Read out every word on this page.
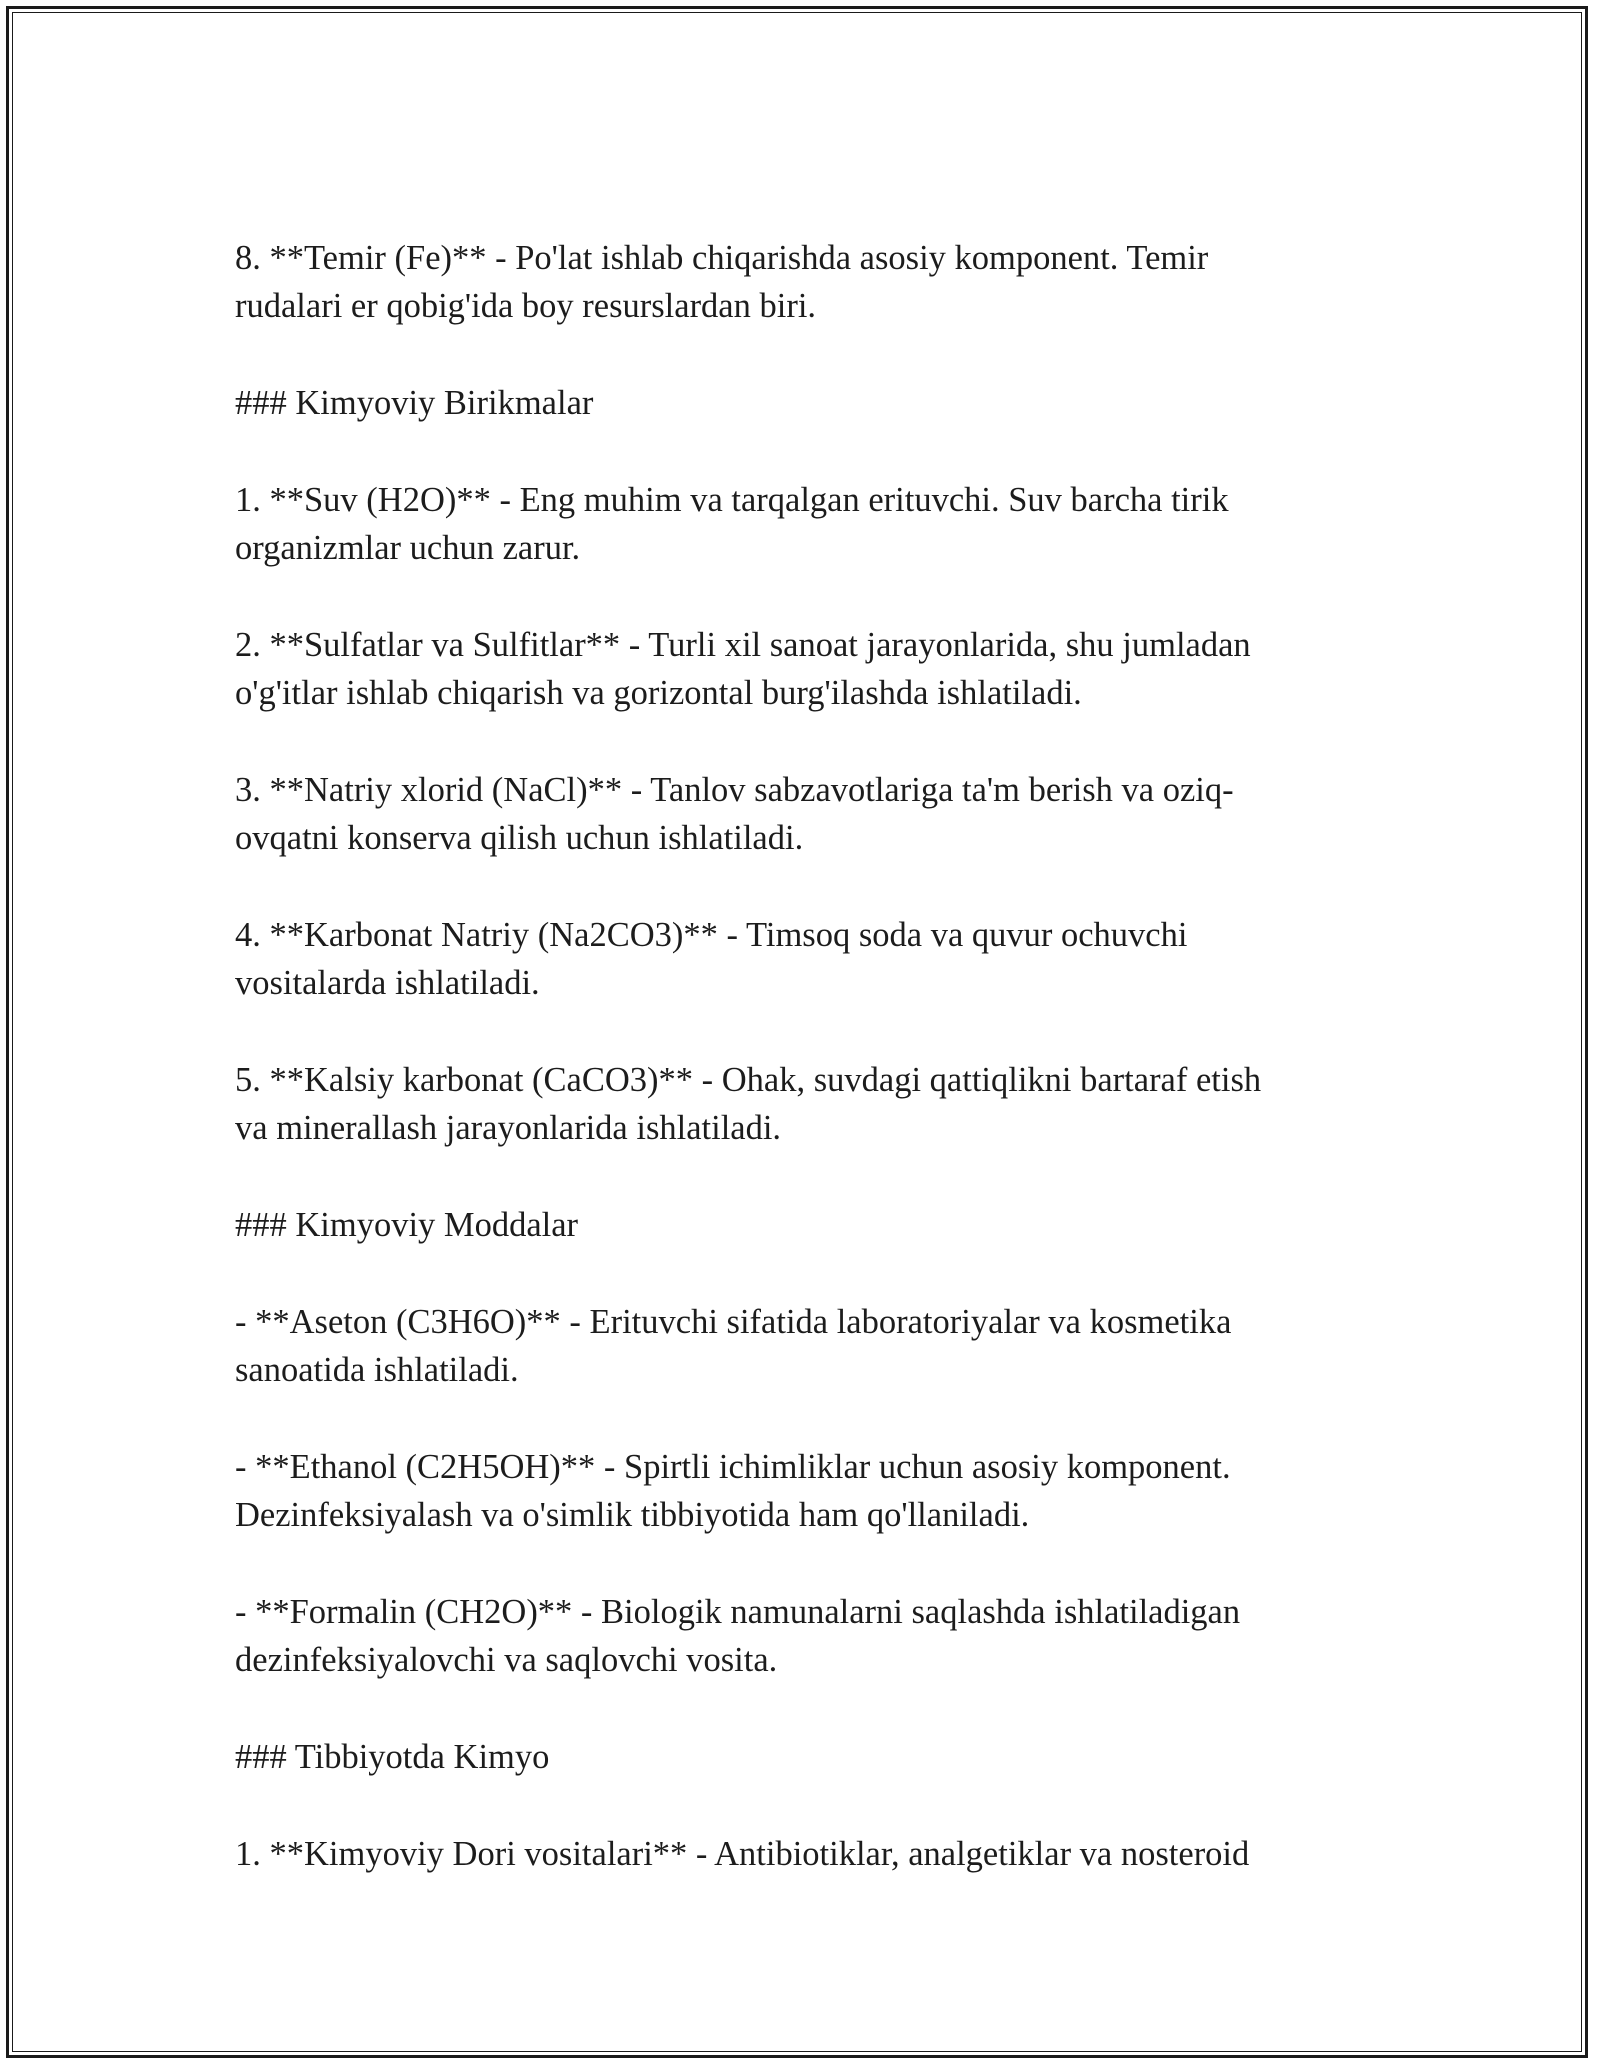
8. **Temir (Fe)** - Po'lat ishlab chiqarishda asosiy komponent. Temir
rudalari er qobig'ida boy resurslardan biri.
### Kimyoviy Birikmalar
1. **Suv (H2O)** - Eng muhim va tarqalgan erituvchi. Suv barcha tirik
organizmlar uchun zarur.
2. **Sulfatlar va Sulfitlar** - Turli xil sanoat jarayonlarida, shu jumladan
o'g'itlar ishlab chiqarish va gorizontal burg'ilashda ishlatiladi.
3. **Natriy xlorid (NaCl)** - Tanlov sabzavotlariga ta'm berish va oziq-
ovqatni konserva qilish uchun ishlatiladi.
4. **Karbonat Natriy (Na2CO3)** - Timsoq soda va quvur ochuvchi
vositalarda ishlatiladi.
5. **Kalsiy karbonat (CaCO3)** - Ohak, suvdagi qattiqlikni bartaraf etish
va minerallash jarayonlarida ishlatiladi.
### Kimyoviy Moddalar
- **Aseton (C3H6O)** - Erituvchi sifatida laboratoriyalar va kosmetika
sanoatida ishlatiladi.
- **Ethanol (C2H5OH)** - Spirtli ichimliklar uchun asosiy komponent.
Dezinfeksiyalash va o'simlik tibbiyotida ham qo'llaniladi.
- **Formalin (CH2O)** - Biologik namunalarni saqlashda ishlatiladigan
dezinfeksiyalovchi va saqlovchi vosita.
### Tibbiyotda Kimyo
1. **Kimyoviy Dori vositalari** - Antibiotiklar, analgetiklar va nosteroid
